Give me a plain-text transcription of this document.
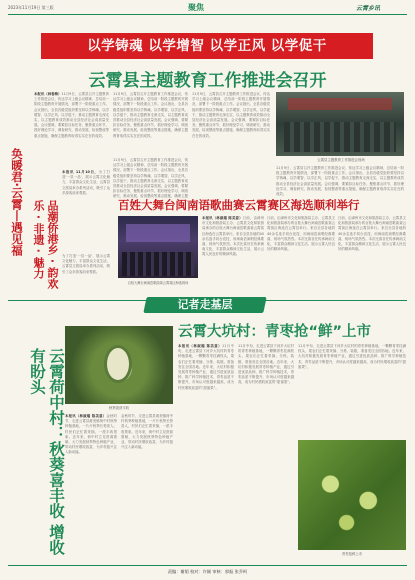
2023年11月19日 第三版	聚焦	云霄乡讯
以学铸魂 以学增智 以学正风 以学促干
云霄县主题教育工作推进会召开
本报讯（林春梅）11月9日，云霄县召开主题教育工作推进会议，传达学习上级会议精神，总结前一阶段主题教育开展情况，部署下一阶段重点工作。会议指出，全县各级党组织要坚持以学铸魂、以学增智、以学正风、以学促干，推动主题教育走深走实，以主题教育成效推动全县经济社会高质量发展。会议强调，要紧扣目标任务，聚焦重点环节，抓好理论学习、调查研究、推动发展、检视整改等重点措施，确保主题教育取得实实在在的成效。
11月9日，云霄县召开主题教育工作推进会议，传达学习上级会议精神，总结前一阶段主题教育开展情况，部署下一阶段重点工作。会议指出，全县各级党组织要坚持以学铸魂、以学增智、以学正风、以学促干，推动主题教育走深走实，以主题教育成效推动全县经济社会高质量发展。会议强调，要紧扣目标任务，聚焦重点环节，抓好理论学习、调查研究、推动发展、检视整改等重点措施，确保主题教育取得实实在在的成效。
11月9日，云霄县召开主题教育工作推进会议，传达学习上级会议精神，总结前一阶段主题教育开展情况，部署下一阶段重点工作。会议指出，全县各级党组织要坚持以学铸魂、以学增智、以学正风、以学促干，推动主题教育走深走实，以主题教育成效推动全县经济社会高质量发展。会议强调，要紧扣目标任务，聚焦重点环节，抓好理论学习、调查研究、推动发展、检视整改等重点措施，确保主题
11月9日，云霄县召开主题教育工作推进会议，传达学习上级会议精神，总结前一阶段主题教育开展情况，部署下一阶段重点工作。会议指出，全县各级党组织要坚持以学铸魂、以学增智、以学正风、以学促干，推动主题教育走深走实，以主题教育成效推动全县经济社会高质量发展。会议强调，要紧扣目标任务，聚焦重点环节，抓好理论学习、调查研究、推动发展、检视整改等重点措施，确保主题教育取得实实在在的成效。
云霄县主题教育工作推进会现场
11月9日，云霄县召开主题教育工作推进会议，传达学习上级会议精神，总结前一阶段主题教育开展情况，部署下一阶段重点工作。会议指出，全县各级党组织要坚持以学铸魂、以学增智、以学正风、以学促干，推动主题教育走深走实，以主题教育成效推动全县经济社会高质量发展。会议强调，要紧扣目标任务，聚焦重点环节，抓好理论学习、调查研究、推动发展、检视整改等重点措施，确保主题教育取得实实在在的成效。
奂暖君·云霄丨遇见福	品潮侨港乡 · 韵欢乐 · 非遗 · 魅力
本报讯 11月10日，为了打造'一县一品'，展示云霄文化魅力，丰富群众文化生活，云霄县文旅局举办系列活动，吸引了众多游客前来观看。
为了打造'一县一品'，展示云霄文化魅力，丰富群众文化生活，云霄县文旅局举办系列活动，吸引了众多游客前来观看。
百姓大舞台闽南语歌曲赛云霄赛区海选顺利举行
百姓大舞台闽南语歌曲赛云霄赛区海选现场
本报讯（林淑端 陈美意）日前，由漳州市文化和旅游局主办、云霄县文化和旅游局承办的百姓大舞台闽南语歌曲赛云霄赛区海选在云霄县举行。来自全县各地的40余名选手同台竞技，用闽南语演唱经典歌曲，现场气氛热烈。本次比赛旨在传承闽南文化，丰富群众精神文化生活，展示云霄人民良好的精神风貌。
日前，由漳州市文化和旅游局主办、云霄县文化和旅游局承办的百姓大舞台闽南语歌曲赛云霄赛区海选在云霄县举行。来自全县各地的40余名选手同台竞技，用闽南语演唱经典歌曲，现场气氛热烈。本次比赛旨在传承闽南文化，丰富群众精神文化生活，展示云霄人民良好的精神风貌。
日前，由漳州市文化和旅游局主办、云霄县文化和旅游局承办的百姓大舞台闽南语歌曲赛云霄赛区海选在云霄县举行。来自全县各地的40余名选手同台竞技，用闽南语演唱经典歌曲，现场气氛热烈。本次比赛旨在传承闽南文化，丰富群众精神文化生活，展示云霄人民良好的精神风貌。
记者走基层
云霄荷中村：秋葵喜丰收 增收有盼头
秋葵喜获丰收
本报讯（林淑端 陈美意）金秋时节，走进云霄县莆美镇荷中村秋葵种植基地，一片片秋葵长势喜人，村民们正忙着采摘，一派丰收景象。近年来，荷中村立足资源禀赋，大力发展秋葵特色种植产业，带动村民增收致富，为乡村振兴注入新动能。
金秋时节，走进云霄县莆美镇荷中村秋葵种植基地，一片片秋葵长势喜人，村民们正忙着采摘，一派丰收景象。近年来，荷中村立足资源禀赋，大力发展秋葵特色种植产业，带动村民增收致富，为乡村振兴注入新动能。
云霄大坑村：青枣抢“鲜”上市
本报讯（林淑端 陈美意）11月中旬，走进云霄县下河乡大坑村的青枣种植基地，一颗颗青枣挂满枝头，果农们正忙着采摘、分拣、装箱，准备发往全国各地。近年来，大坑村积极发展青枣种植产业，通过引进优质品种、推广科学种植技术，青枣品质不断提升，市场认可度越来越高，成为村民增收致富的“甜蜜果”。
11月中旬，走进云霄县下河乡大坑村的青枣种植基地，一颗颗青枣挂满枝头，果农们正忙着采摘、分拣、装箱，准备发往全国各地。近年来，大坑村积极发展青枣种植产业，通过引进优质品种、推广科学种植技术，青枣品质不断提升，市场认可度越来越高，成为村民增收致富的“甜蜜果”。
11月中旬，走进云霄县下河乡大坑村的青枣种植基地，一颗颗青枣挂满枝头，果农们正忙着采摘、分拣、装箱，准备发往全国各地。近年来，大坑村积极发展青枣种植产业，通过引进优质品种、推广科学种植技术，青枣品质不断提升，市场认可度越来越高，成为村民增收致富的“甜蜜果”。
青枣抢鲜上市
责编：谢韬 校对：许颖 审核：郭振 张乔柯
